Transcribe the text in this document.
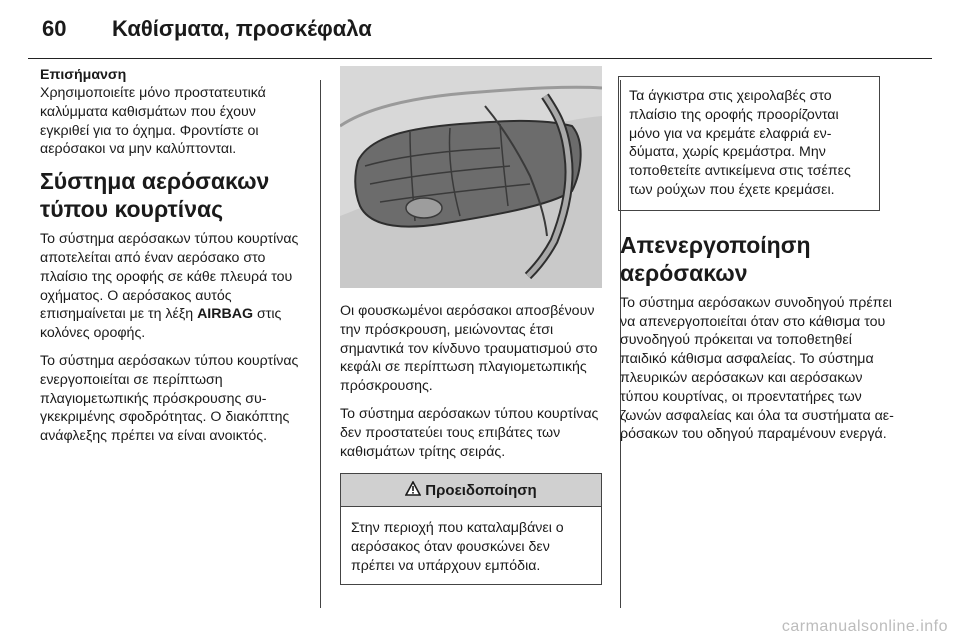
60 Καθίσματα, προσκέφαλα

Επισήμανση

Χρησιμοποιείτε μόνο προστατευτικά καλύμματα καθισμάτων που έχουν εγκριθεί για το όχημα. Φροντίστε οι αερόσακοι να μην καλύπτονται.

Σύστημα αερόσακων τύπου κουρτίνας

Το σύστημα αερόσακων τύπου κουρτίνας αποτελείται από έναν αερόσακο στο πλαίσιο της οροφής σε κάθε πλευρά του οχήματος. Ο αερόσακος αυτός επισημαίνεται με τη λέξη AIRBAG στις κολόνες οροφής.

Το σύστημα αερόσακων τύπου κουρτίνας ενεργοποιείται σε περίπτωση πλαγιομετωπικής πρόσκρουσης συγκεκριμένης σφοδρότητας. Ο διακόπτης ανάφλεξης πρέπει να είναι ανοικτός.

Οι φουσκωμένοι αερόσακοι αποσβένουν την πρόσκρουση, μειώνοντας έτσι σημαντικά τον κίνδυνο τραυματισμού στο κεφάλι σε περίπτωση πλαγιομετωπικής πρόσκρουσης.

Το σύστημα αερόσακων τύπου κουρτίνας δεν προστατεύει τους επιβάτες των καθισμάτων τρίτης σειράς.

Προειδοποίηση
Στην περιοχή που καταλαμβάνει ο αερόσακος όταν φουσκώνει δεν πρέπει να υπάρχουν εμπόδια.
Τα άγκιστρα στις χειρολαβές στο πλαίσιο της οροφής προορίζονται μόνο για να κρεμάτε ελαφριά ενδύματα, χωρίς κρεμάστρα. Μην τοποθετείτε αντικείμενα στις τσέπες των ρούχων που έχετε κρεμάσει.
Απενεργοποίηση αερόσακων

Το σύστημα αερόσακων συνοδηγού πρέπει να απενεργοποιείται όταν στο κάθισμα του συνοδηγού πρόκειται να τοποθετηθεί παιδικό κάθισμα ασφαλείας. Το σύστημα πλευρικών αερόσακων και αερόσακων τύπου κουρτίνας, οι προεντατήρες των ζωνών ασφαλείας και όλα τα συστήματα αερόσακων του οδηγού παραμένουν ενεργά.

carmanualsonline.info
